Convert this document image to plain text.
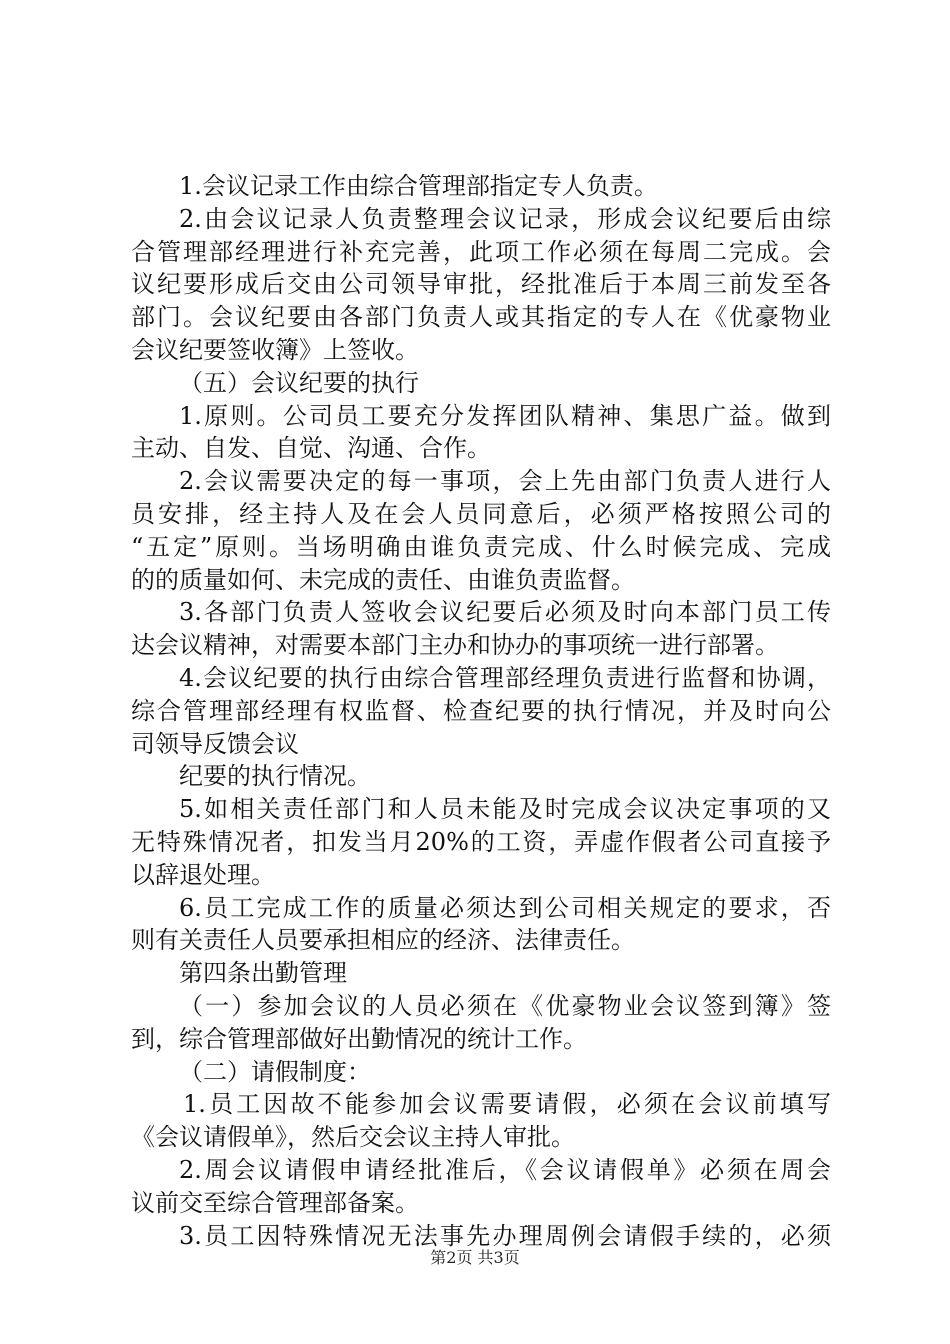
1.会议记录工作由综合管理部指定专人负责。
2.由会议记录人负责整理会议记录，形成会议纪要后由综
合管理部经理进行补充完善，此项工作必须在每周二完成。会
议纪要形成后交由公司领导审批，经批准后于本周三前发至各
部门。会议纪要由各部门负责人或其指定的专人在《优豪物业
会议纪要签收簿》上签收。
（五）会议纪要的执行
1.原则。公司员工要充分发挥团队精神、集思广益。做到
主动、自发、自觉、沟通、合作。
2.会议需要决定的每一事项，会上先由部门负责人进行人
员安排，经主持人及在会人员同意后，必须严格按照公司的
“五定”原则。当场明确由谁负责完成、什么时候完成、完成
的的质量如何、未完成的责任、由谁负责监督。
3.各部门负责人签收会议纪要后必须及时向本部门员工传
达会议精神，对需要本部门主办和协办的事项统一进行部署。
4.会议纪要的执行由综合管理部经理负责进行监督和协调，
综合管理部经理有权监督、检查纪要的执行情况，并及时向公
司领导反馈会议
纪要的执行情况。
5.如相关责任部门和人员未能及时完成会议决定事项的又
无特殊情况者，扣发当月20%的工资，弄虚作假者公司直接予
以辞退处理。
6.员工完成工作的质量必须达到公司相关规定的要求，否
则有关责任人员要承担相应的经济、法律责任。
第四条出勤管理
（一）参加会议的人员必须在《优豪物业会议签到簿》签
到，综合管理部做好出勤情况的统计工作。
（二）请假制度：
1.员工因故不能参加会议需要请假，必须在会议前填写
《会议请假单》，然后交会议主持人审批。
2.周会议请假申请经批准后，《会议请假单》必须在周会
议前交至综合管理部备案。
3.员工因特殊情况无法事先办理周例会请假手续的，必须
第2页 共3页
